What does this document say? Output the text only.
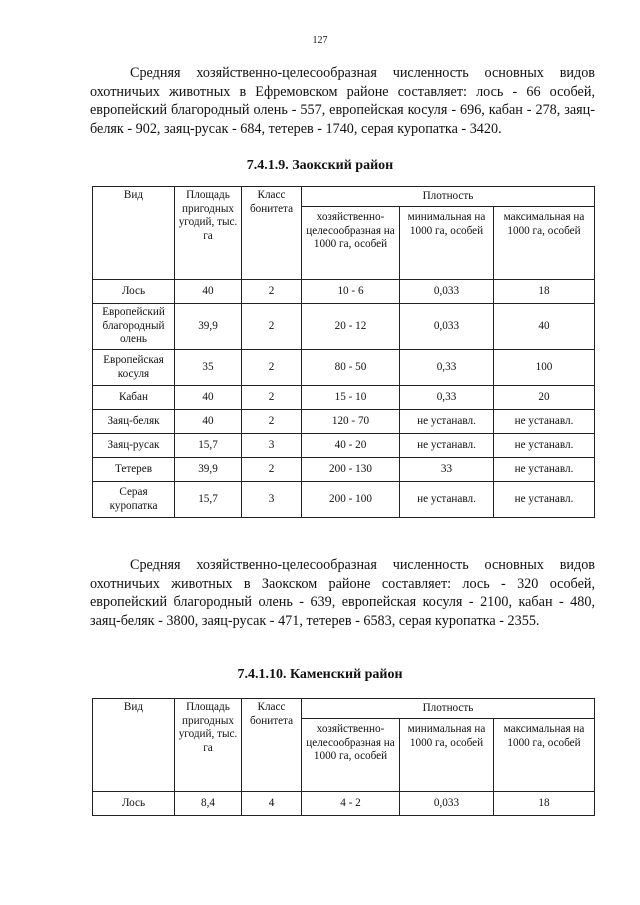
127

Средняя хозяйственно-целесообразная численность основных видов охотничьих животных в Ефремовском районе составляет: лось - 66 особей, европейский благородный олень - 557, европейская косуля - 696, кабан - 278, заяц-беляк - 902, заяц-русак - 684, тетерев - 1740, серая куропатка - 3420.

7.4.1.9. Заокский район
Вид	Площадь пригодных угодий, тыс. га	Класс бонитета	Плотность		
			хозяйственно-целесообразная на 1000 га, особей	минимальная на 1000 га, особей	максимальная на 1000 га, особей
Лось	40	2	10 - 6	0,033	18
Европейский благородный олень	39,9	2	20 - 12	0,033	40
Европейская косуля	35	2	80 - 50	0,33	100
Кабан	40	2	15 - 10	0,33	20
Заяц-беляк	40	2	120 - 70	не устанавл.	не устанавл.
Заяц-русак	15,7	3	40 - 20	не устанавл.	не устанавл.
Тетерев	39,9	2	200 - 130	33	не устанавл.
Серая куропатка	15,7	3	200 - 100	не устанавл.	не устанавл.

Средняя хозяйственно-целесообразная численность основных видов охотничьих животных в Заокском районе составляет: лось - 320 особей, европейский благородный олень - 639, европейская косуля - 2100, кабан - 480, заяц-беляк - 3800, заяц-русак - 471, тетерев - 6583, серая куропатка - 2355.

7.4.1.10. Каменский район
Вид	Площадь пригодных угодий, тыс. га	Класс бонитета	Плотность		
			хозяйственно-целесообразная на 1000 га, особей	минимальная на 1000 га, особей	максимальная на 1000 га, особей
Лось	8,4	4	4 - 2	0,033	18
